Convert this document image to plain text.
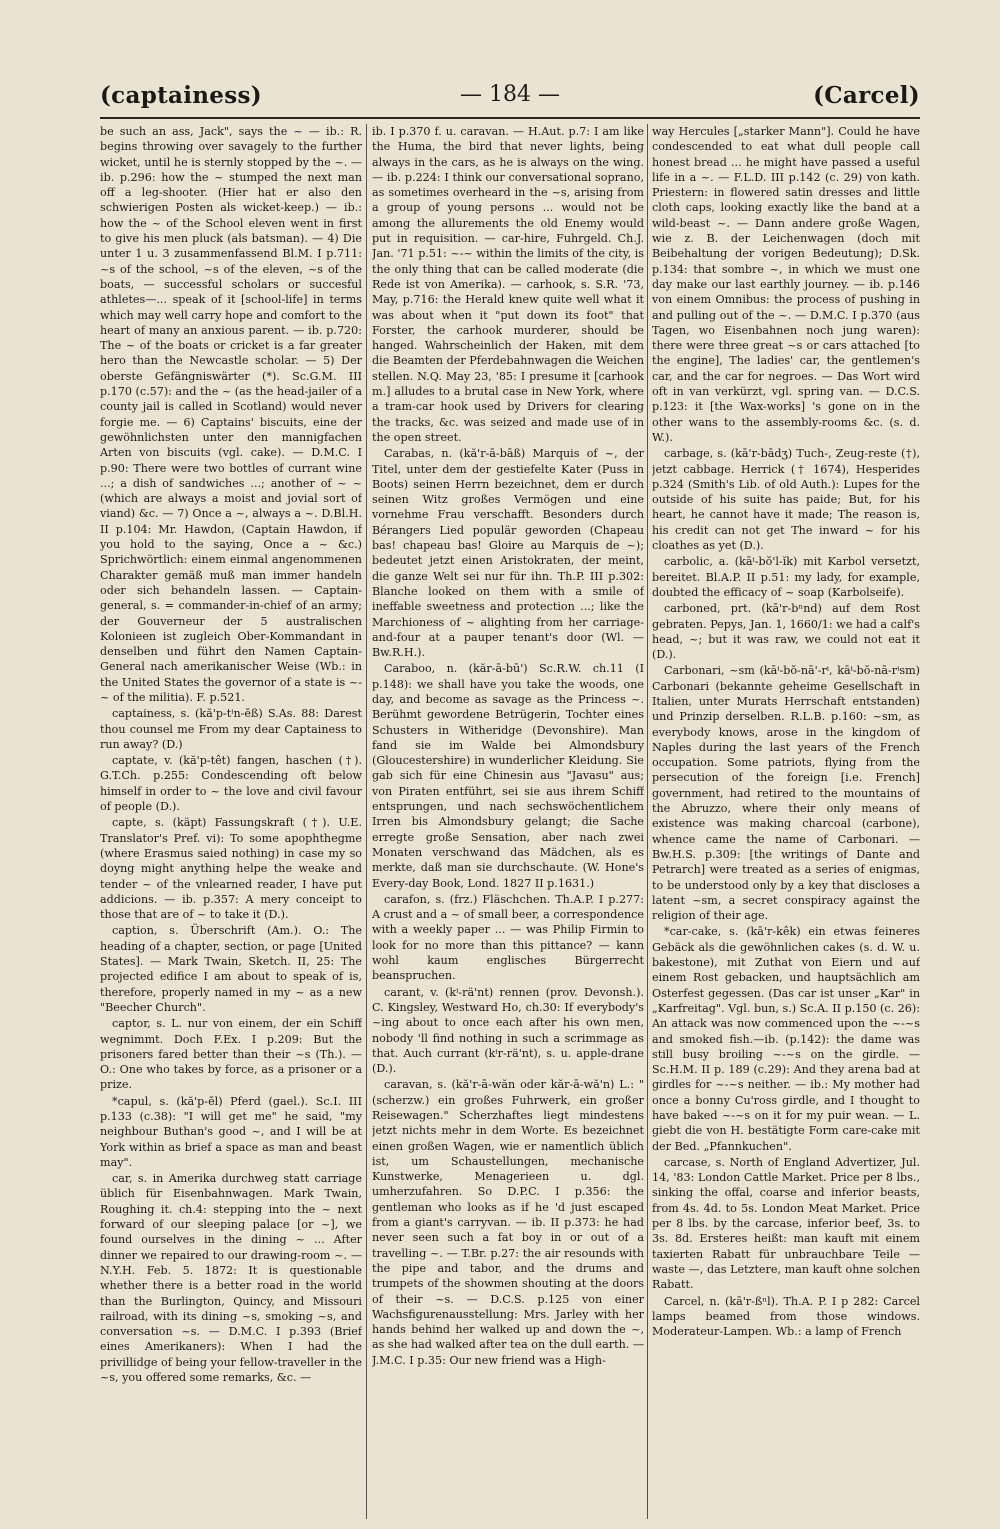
(captainess)	— 184 —	(Carcel)

be such an ass, Jack", says the ~ — ib.: R. begins throwing over savagely to the further wicket, until he is sternly stopped by the ~. — ib. p.296: how the ~ stumped the next man off a leg-shooter. (Hier hat er also den schwierigen Posten als wicket-keep.) — ib.: how the ~ of the School eleven went in first to give his men pluck (als batsman). — 4) Die unter 1 u. 3 zusammenfassend Bl.M. I p.711: ~s of the school, ~s of the eleven, ~s of the boats, — successful scholars or succesful athletes—... speak of it [school-life] in terms which may well carry hope and comfort to the heart of many an anxious parent. — ib. p.720: The ~ of the boats or cricket is a far greater hero than the Newcastle scholar. — 5) Der oberste Gefängniswärter (*). Sc.G.M. III p.170 (c.57): and the ~ (as the head-jailer of a county jail is called in Scotland) would never forgie me. — 6) Captains' biscuits, eine der gewöhnlichsten unter den mannigfachen Arten von biscuits (vgl. cake). — D.M.C. I p.90: There were two bottles of currant wine ...; a dish of sandwiches ...; another of ~ ~ (which are always a moist and jovial sort of viand) &c. — 7) Once a ~, always a ~. D.Bl.H. II p.104: Mr. Hawdon, (Captain Hawdon, if you hold to the saying, Once a ~ &c.) Sprichwörtlich: einem einmal angenommenen Charakter gemäß muß man immer handeln oder sich behandeln lassen. — Captain-general, s. = commander-in-chief of an army; der Gouverneur der 5 australischen Kolonieen ist zugleich Ober-Kommandant in denselben und führt den Namen Captain-General nach amerikanischer Weise (Wb.: in the United States the governor of a state is ~-~ of the militia). F. p.521.

captainess, s. (kă'p-tⁱn-ĕß) S.As. 88: Darest thou counsel me From my dear Captainess to run away? (D.)

captate, v. (kă'p-têt) fangen, haschen (†). G.T.Ch. p.255: Condescending oft below himself in order to ~ the love and civil favour of people (D.).

capte, s. (käpt) Fassungskraft (†). U.E. Translator's Pref. vi): To some apophthegme (where Erasmus saied nothing) in case my so doyng might anything helpe the weake and tender ~ of the vnlearned reader, I have put addicions. — ib. p.357: A mery conceipt to those that are of ~ to take it (D.).

caption, s. Überschrift (Am.). O.: The heading of a chapter, section, or page [United States]. — Mark Twain, Sketch. II, 25: The projected edifice I am about to speak of is, therefore, properly named in my ~ as a new "Beecher Church".

captor, s. L. nur von einem, der ein Schiff wegnimmt. Doch F.Ex. I p.209: But the prisoners fared better than their ~s (Th.). — O.: One who takes by force, as a prisoner or a prize.

*capul, s. (kă'p-ĕl) Pferd (gael.). Sc.I. III p.133 (c.38): "I will get me" he said, "my neighbour Buthan's good ~, and I will be at York within as brief a space as man and beast may".

car, s. in Amerika durchweg statt carriage üblich für Eisenbahnwagen. Mark Twain, Roughing it. ch.4: stepping into the ~ next forward of our sleeping palace [or ~], we found ourselves in the dining ~ ... After dinner we repaired to our drawing-room ~. — N.Y.H. Feb. 5. 1872: It is questionable whether there is a better road in the world than the Burlington, Quincy, and Missouri railroad, with its dining ~s, smoking ~s, and conversation ~s. — D.M.C. I p.393 (Brief eines Amerikaners): When I had the privillidge of being your fellow-traveller in the ~s, you offered some remarks, &c. —

ib. I p.370 f. u. caravan. — H.Aut. p.7: I am like the Huma, the bird that never lights, being always in the cars, as he is always on the wing. — ib. p.224: I think our conversational soprano, as sometimes overheard in the ~s, arising from a group of young persons ... would not be among the allurements the old Enemy would put in requisition. — car-hire, Fuhrgeld. Ch.J. Jan. '71 p.51: ~-~ within the limits of the city, is the only thing that can be called moderate (die Rede ist von Amerika). — carhook, s. S.R. '73, May, p.716: the Herald knew quite well what it was about when it "put down its foot" that Forster, the carhook murderer, should be hanged. Wahrscheinlich der Haken, mit dem die Beamten der Pferdebahnwagen die Weichen stellen. N.Q. May 23, '85: I presume it [carhook m.] alludes to a brutal case in New York, where a tram-car hook used by Drivers for clearing the tracks, &c. was seized and made use of in the open street.

Carabas, n. (kă'r-ā-bāß) Marquis of ~, der Titel, unter dem der gestiefelte Kater (Puss in Boots) seinen Herrn bezeichnet, dem er durch seinen Witz großes Vermögen und eine vornehme Frau verschafft. Besonders durch Bérangers Lied populär geworden (Chapeau bas! chapeau bas! Gloire au Marquis de ~); bedeutet jetzt einen Aristokraten, der meint, die ganze Welt sei nur für ihn. Th.P. III p.302: Blanche looked on them with a smile of ineffable sweetness and protection ...; like the Marchioness of ~ alighting from her carriage-and-four at a pauper tenant's door (Wl. — Bw.R.H.).

Caraboo, n. (kăr-ā-bū') Sc.R.W. ch.11 (I p.148): we shall have you take the woods, one day, and become as savage as the Princess ~. Berühmt gewordene Betrügerin, Tochter eines Schusters in Witheridge (Devonshire). Man fand sie im Walde bei Almondsbury (Gloucestershire) in wunderlicher Kleidung. Sie gab sich für eine Chinesin aus "Javasu" aus; von Piraten entführt, sei sie aus ihrem Schiff entsprungen, und nach sechswöchentlichem Irren bis Almondsbury gelangt; die Sache erregte große Sensation, aber nach zwei Monaten verschwand das Mädchen, als es merkte, daß man sie durchschaute. (W. Hone's Every-day Book, Lond. 1827 II p.1631.)

carafon, s. (frz.) Fläschchen. Th.A.P. I p.277: A crust and a ~ of small beer, a correspondence with a weekly paper ... — was Philip Firmin to look for no more than this pittance? — kann wohl kaum englisches Bürgerrecht beanspruchen.

carant, v. (kⁱ-rä'nt) rennen (prov. Devonsh.). C. Kingsley, Westward Ho, ch.30: If everybody's ~ing about to once each after his own men, nobody 'll find nothing in such a scrimmage as that. Auch currant (kⁱr-rä'nt), s. u. apple-drane (D.).

caravan, s. (kă'r-ā-wăn oder kăr-ā-wă'n) L.: "(scherzw.) ein großes Fuhrwerk, ein großer Reisewagen." Scherzhaftes liegt mindestens jetzt nichts mehr in dem Worte. Es bezeichnet einen großen Wagen, wie er namentlich üblich ist, um Schaustellungen, mechanische Kunstwerke, Menagerieen u. dgl. umherzufahren. So D.P.C. I p.356: the gentleman who looks as if he 'd just escaped from a giant's carryvan. — ib. II p.373: he had never seen such a fat boy in or out of a travelling ~. — T.Br. p.27: the air resounds with the pipe and tabor, and the drums and trumpets of the showmen shouting at the doors of their ~s. — D.C.S. p.125 von einer Wachsfigurenausstellung: Mrs. Jarley with her hands behind her walked up and down the ~, as she had walked after tea on the dull earth. — J.M.C. I p.35: Our new friend was a High-

way Hercules [„starker Mann"]. Could he have condescended to eat what dull people call honest bread ... he might have passed a useful life in a ~. — F.L.D. III p.142 (c. 29) von kath. Priestern: in flowered satin dresses and little cloth caps, looking exactly like the band at a wild-beast ~. — Dann andere große Wagen, wie z. B. der Leichenwagen (doch mit Beibehaltung der vorigen Bedeutung); D.Sk. p.134: that sombre ~, in which we must one day make our last earthly journey. — ib. p.146 von einem Omnibus: the process of pushing in and pulling out of the ~. — D.M.C. I p.370 (aus Tagen, wo Eisenbahnen noch jung waren): there were three great ~s or cars attached [to the engine], The ladies' car, the gentlemen's car, and the car for negroes. — Das Wort wird oft in van verkürzt, vgl. spring van. — D.C.S. p.123: it [the Wax-works] 's gone on in the other wans to the assembly-rooms &c. (s. d. W.).

carbage, s. (kā'r-bādʒ) Tuch-, Zeug-reste (†), jetzt cabbage. Herrick († 1674), Hesperides p.324 (Smith's Lib. of old Auth.): Lupes for the outside of his suite has paide; But, for his heart, he cannot have it made; The reason is, his credit can not get The inward ~ for his cloathes as yet (D.).

carbolic, a. (kāⁱ-bŏ'l-ĭk) mit Karbol versetzt, bereitet. Bl.A.P. II p.51: my lady, for example, doubted the efficacy of ~ soap (Karbolseife).

carboned, prt. (kā'r-bⁿnd) auf dem Rost gebraten. Pepys, Jan. 1, 1660/1: we had a calf's head, ~; but it was raw, we could not eat it (D.).

Carbonari, ~sm (kāⁱ-bŏ-nā'-rⁱ, kāⁱ-bŏ-nā-rⁱsm) Carbonari (bekannte geheime Gesellschaft in Italien, unter Murats Herrschaft entstanden) und Prinzip derselben. R.L.B. p.160: ~sm, as everybody knows, arose in the kingdom of Naples during the last years of the French occupation. Some patriots, flying from the persecution of the foreign [i.e. French] government, had retired to the mountains of the Abruzzo, where their only means of existence was making charcoal (carbone), whence came the name of Carbonari. — Bw.H.S. p.309: [the writings of Dante and Petrarch] were treated as a series of enigmas, to be understood only by a key that discloses a latent ~sm, a secret conspiracy against the religion of their age.

*car-cake, s. (kā'r-kêk) ein etwas feineres Gebäck als die gewöhnlichen cakes (s. d. W. u. bakestone), mit Zuthat von Eiern und auf einem Rost gebacken, und hauptsächlich am Osterfest gegessen. (Das car ist unser „Kar" in „Karfreitag". Vgl. bun, s.) Sc.A. II p.150 (c. 26): An attack was now commenced upon the ~-~s and smoked fish.—ib. (p.142): the dame was still busy broiling ~-~s on the girdle. — Sc.H.M. II p. 189 (c.29): And they arena bad at girdles for ~-~s neither. — ib.: My mother had once a bonny Cu'ross girdle, and I thought to have baked ~-~s on it for my puir wean. — L. giebt die von H. bestätigte Form care-cake mit der Bed. „Pfannkuchen".

carcase, s. North of England Advertizer, Jul. 14, '83: London Cattle Market. Price per 8 lbs., sinking the offal, coarse and inferior beasts, from 4s. 4d. to 5s. London Meat Market. Price per 8 lbs. by the carcase, inferior beef, 3s. to 3s. 8d. Ersteres heißt: man kauft mit einem taxierten Rabatt für unbrauchbare Teile — waste —, das Letztere, man kauft ohne solchen Rabatt.

Carcel, n. (kā'r-ßⁿl). Th.A. P. I p 282: Carcel lamps beamed from those windows. Moderateur-Lampen. Wb.: a lamp of French
